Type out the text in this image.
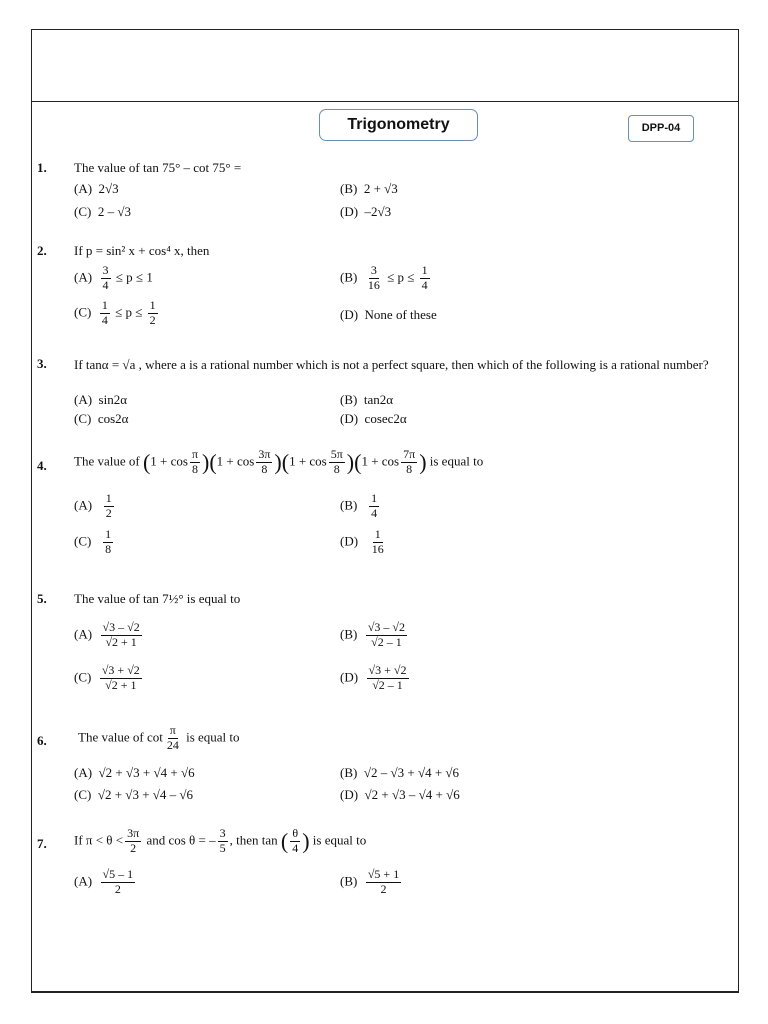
Trigonometry	DPP-04
1. The value of tan 75° – cot 75° =
(A) 2√3	(B) 2 + √3
(C) 2 – √3	(D) –2√3
2. If p = sin² x + cos⁴ x, then
$(A) \frac{3}{4} \le p \le 1$	$(B) \frac{3}{16} \le p \le \frac{1}{4}$
$(C) \frac{1}{4} \le p \le \frac{1}{2}$	(D) None of these
3. If tanα = √a , where a is a rational number which is not a perfect square, then which of the following is a rational number?
(A) sin2α	(B) tan2α
(C) cos2α	(D) cosec2α
4. The value of $(1 + \cos \frac{\pi}{8} )(1 + \cos \frac{3\pi}{8} )(1 + \cos \frac{5\pi}{8} )(1 + \cos \frac{7\pi}{8}$ ) is equal to
$(A) \frac{1}{2}$	$(B) \frac{1}{4}$
$(C) \frac{1}{8}$	$(D) \frac{1}{16}$
5. The value of tan 7½° is equal to
$(A) \frac{√3 - √2}{√2 + 1}$	$(B) \frac{√3 - √2}{√2 - 1}$
$(C) \frac{√3 + √2}{√2 + 1}$	$(D) \frac{√3 + √2}{√2 - 1}$
6. The value of $\cot \frac{\pi}{24}$ is equal to
(A) √2 + √3 + √4 + √6	(B) √2 – √3 + √4 + √6
(C) √2 + √3 + √4 – √6	(D) √2 + √3 – √4 + √6
7. If $\pi < \theta < \frac{3\pi}{2}$ and cos θ = – $\frac{3}{5}$ , then tan ( $\frac{\theta}{4}$ ) is equal to
$(A) \frac{√5 - 1}{2}$	$(B) \frac{√5 + 1}{2}$
